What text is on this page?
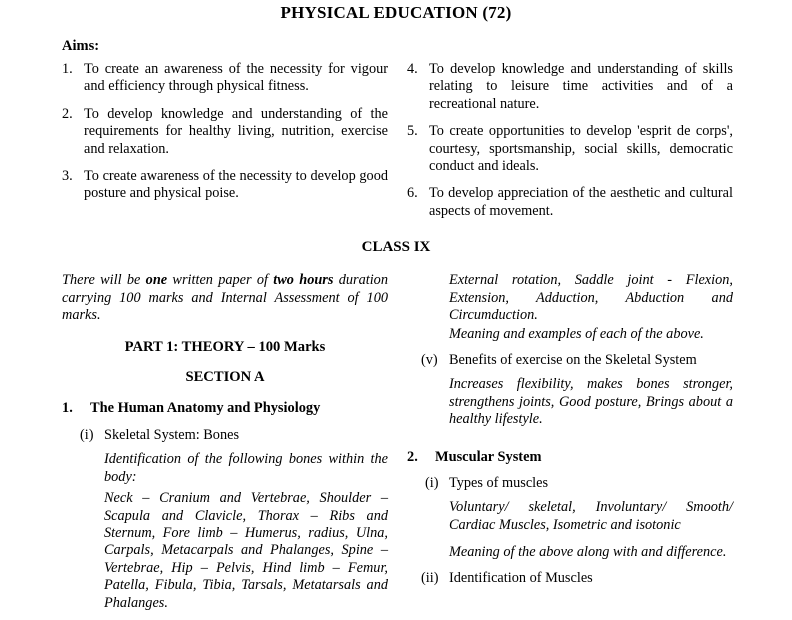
PHYSICAL EDUCATION (72)
Aims:
1. To create an awareness of the necessity for vigour and efficiency through physical fitness.
2. To develop knowledge and understanding of the requirements for healthy living, nutrition, exercise and relaxation.
3. To create awareness of the necessity to develop good posture and physical poise.
4. To develop knowledge and understanding of skills relating to leisure time activities and of a recreational nature.
5. To create opportunities to develop 'esprit de corps', courtesy, sportsmanship, social skills, democratic conduct and ideals.
6. To develop appreciation of the aesthetic and cultural aspects of movement.
CLASS IX

There will be one written paper of two hours duration carrying 100 marks and Internal Assessment of 100 marks.

PART 1: THEORY – 100 Marks
SECTION A
1. The Human Anatomy and Physiology
(i) Skeletal System: Bones

Identification of the following bones within the body:

Neck – Cranium and Vertebrae, Shoulder – Scapula and Clavicle, Thorax – Ribs and Sternum, Fore limb – Humerus, radius, Ulna, Carpals, Metacarpals and Phalanges, Spine – Vertebrae, Hip – Pelvis, Hind limb – Femur, Patella, Fibula, Tibia, Tarsals, Metatarsals and Phalanges.

External rotation, Saddle joint - Flexion, Extension, Adduction, Abduction and Circumduction.

Meaning and examples of each of the above.

(v) Benefits of exercise on the Skeletal System

Increases flexibility, makes bones stronger, strengthens joints, Good posture, Brings about a healthy lifestyle.

2. Muscular System
(i) Types of muscles

Voluntary/ skeletal, Involuntary/ Smooth/ Cardiac Muscles, Isometric and isotonic

Meaning of the above along with and difference.

(ii) Identification of Muscles
